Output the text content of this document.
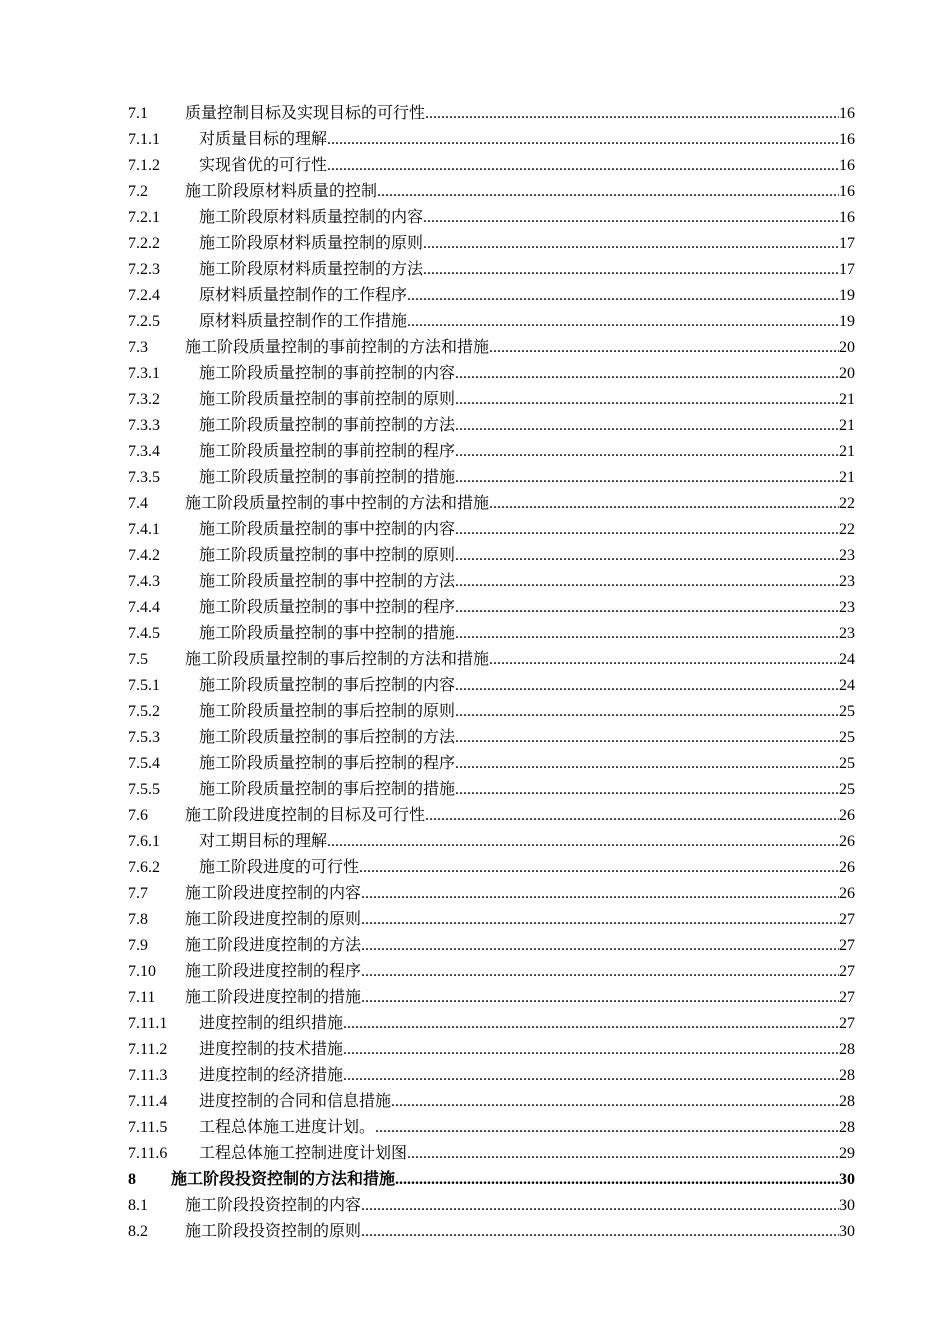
7.1	质量控制目标及实现目标的可行性 .....	16
7.1.1	对质量目标的理解 .....	16
7.1.2	实现省优的可行性 .....	16
7.2	施工阶段原材料质量的控制 .....	16
7.2.1	施工阶段原材料质量控制的内容 .....	16
7.2.2	施工阶段原材料质量控制的原则 .....	17
7.2.3	施工阶段原材料质量控制的方法 .....	17
7.2.4	原材料质量控制作的工作程序 .....	19
7.2.5	原材料质量控制作的工作措施 .....	19
7.3	施工阶段质量控制的事前控制的方法和措施 .....	20
7.3.1	施工阶段质量控制的事前控制的内容 .....	20
7.3.2	施工阶段质量控制的事前控制的原则 .....	21
7.3.3	施工阶段质量控制的事前控制的方法 .....	21
7.3.4	施工阶段质量控制的事前控制的程序 .....	21
7.3.5	施工阶段质量控制的事前控制的措施 .....	21
7.4	施工阶段质量控制的事中控制的方法和措施 .....	22
7.4.1	施工阶段质量控制的事中控制的内容 .....	22
7.4.2	施工阶段质量控制的事中控制的原则 .....	23
7.4.3	施工阶段质量控制的事中控制的方法 .....	23
7.4.4	施工阶段质量控制的事中控制的程序 .....	23
7.4.5	施工阶段质量控制的事中控制的措施 .....	23
7.5	施工阶段质量控制的事后控制的方法和措施 .....	24
7.5.1	施工阶段质量控制的事后控制的内容 .....	24
7.5.2	施工阶段质量控制的事后控制的原则 .....	25
7.5.3	施工阶段质量控制的事后控制的方法 .....	25
7.5.4	施工阶段质量控制的事后控制的程序 .....	25
7.5.5	施工阶段质量控制的事后控制的措施 .....	25
7.6	施工阶段进度控制的目标及可行性 .....	26
7.6.1	对工期目标的理解 .....	26
7.6.2	施工阶段进度的可行性 .....	26
7.7	施工阶段进度控制的内容 .....	26
7.8	施工阶段进度控制的原则 .....	27
7.9	施工阶段进度控制的方法 .....	27
7.10	施工阶段进度控制的程序 .....	27
7.11	施工阶段进度控制的措施 .....	27
7.11.1	进度控制的组织措施 .....	27
7.11.2	进度控制的技术措施 .....	28
7.11.3	进度控制的经济措施 .....	28
7.11.4	进度控制的合同和信息措施 .....	28
7.11.5	工程总体施工进度计划。 .....	28
7.11.6	工程总体施工控制进度计划图 .....	29
8	施工阶段投资控制的方法和措施 .....	30
8.1	施工阶段投资控制的内容 .....	30
8.2	施工阶段投资控制的原则 .....	30
